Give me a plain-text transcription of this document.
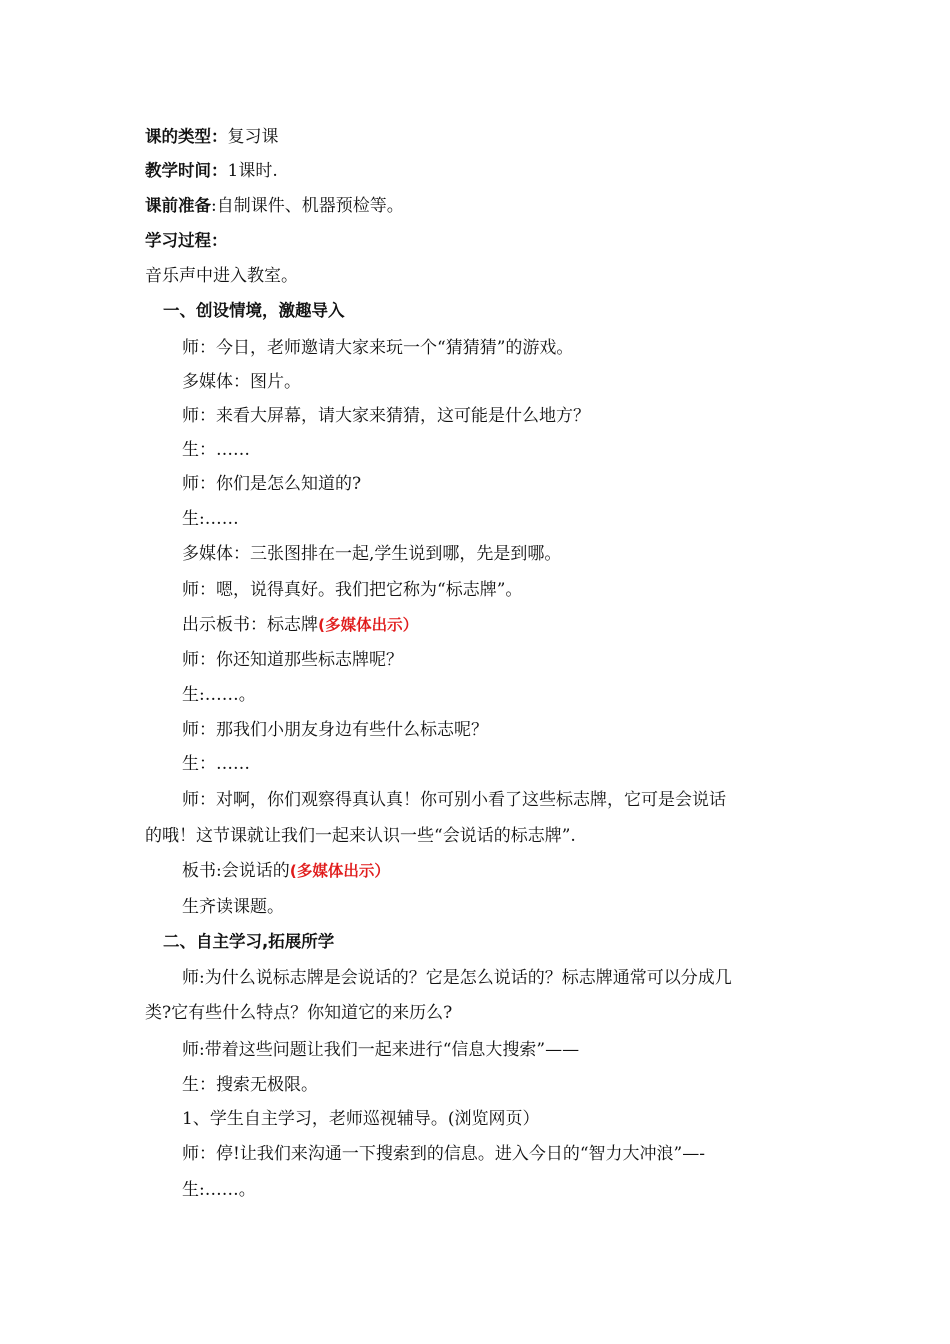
课的类型：复习课
教学时间：1课时.
课前准备:自制课件、机器预检等。
学习过程：
音乐声中进入教室。
一、创设情境，激趣导入
师：今日，老师邀请大家来玩一个“猜猜猜”的游戏。
多媒体：图片。
师：来看大屏幕，请大家来猜猜，这可能是什么地方？
生：……
师：你们是怎么知道的?
生:……
多媒体：三张图排在一起,学生说到哪，先是到哪。
师：嗯，说得真好。我们把它称为“标志牌”。
出示板书：标志牌(多媒体出示）
师：你还知道那些标志牌呢？
生:……。
师：那我们小朋友身边有些什么标志呢？
生：……
师：对啊，你们观察得真认真！你可别小看了这些标志牌，它可是会说话
的哦！这节课就让我们一起来认识一些“会说话的标志牌”.
板书:会说话的(多媒体出示）
生齐读课题。
二、自主学习,拓展所学
师:为什么说标志牌是会说话的？它是怎么说话的？标志牌通常可以分成几
类?它有些什么特点？你知道它的来历么?
师:带着这些问题让我们一起来进行“信息大搜索”——
生：搜索无极限。
1、学生自主学习，老师巡视辅导。(浏览网页）
师：停!让我们来沟通一下搜索到的信息。进入今日的“智力大冲浪”—-
生:……。
